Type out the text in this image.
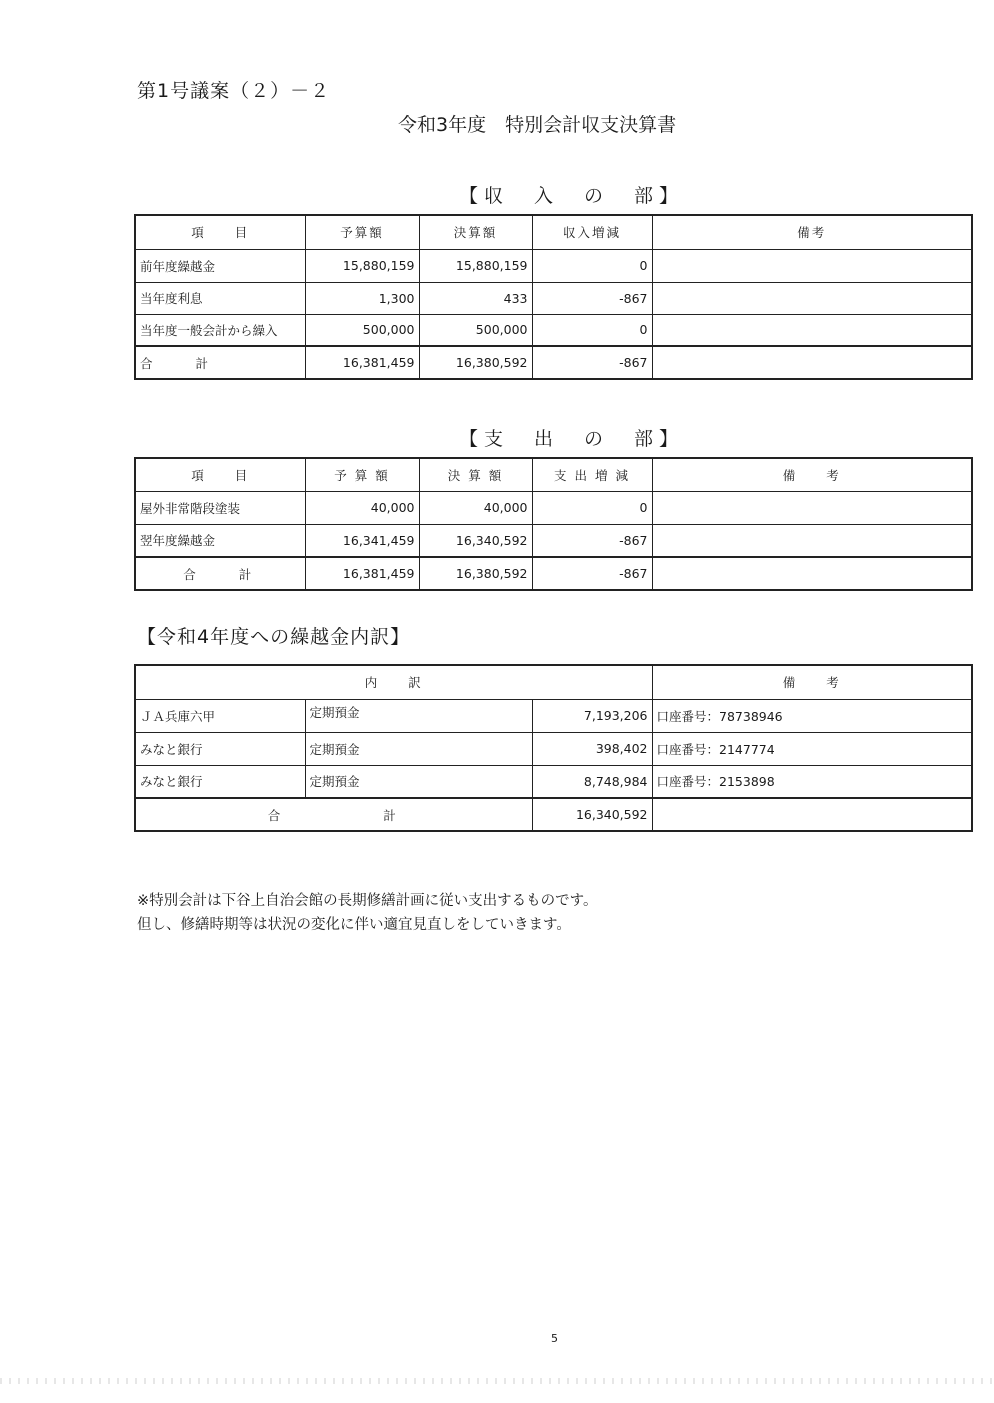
第1号議案（２）－２
令和3年度　特別会計収支決算書
【収　入　の　部】
項　　目	予算額	決算額	収入増減	備考
前年度繰越金	15,880,159	15,880,159	0	
当年度利息	1,300	433	-867	
当年度一般会計から繰入	500,000	500,000	0	
合　　計	16,381,459	16,380,592	-867	
【支　出　の　部】
項　　目	予 算 額	決 算 額	支 出 増 減	備　　考
屋外非常階段塗装	40,000	40,000	0	
翌年度繰越金	16,341,459	16,340,592	-867	
合　　計	16,381,459	16,380,592	-867	
【令和4年度への繰越金内訳】
内　　訳			備　　考
ＪＡ兵庫六甲	定期預金	7,193,206	口座番号：78738946
みなと銀行	定期預金	398,402	口座番号：2147774
みなと銀行	定期預金	8,748,984	口座番号：2153898
合　　　　　　計		16,340,592	
※特別会計は下谷上自治会館の長期修繕計画に従い支出するものです。
但し、修繕時期等は状況の変化に伴い適宜見直しをしていきます。
5
